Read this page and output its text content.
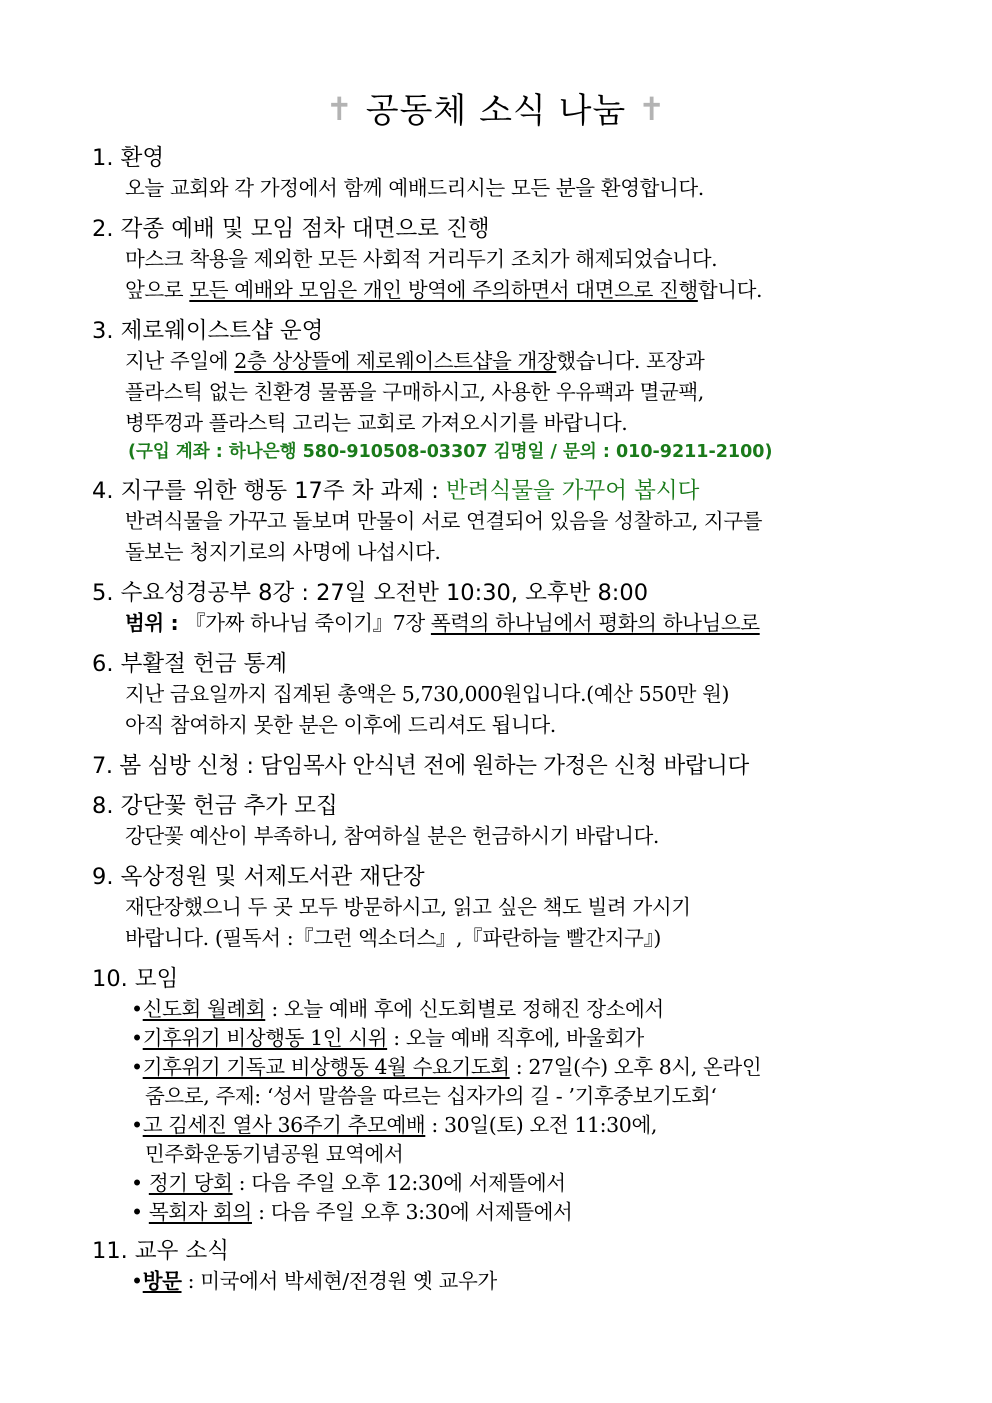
✝ 공동체 소식 나눔 ✝
1. 환영
오늘 교회와 각 가정에서 함께 예배드리시는 모든 분을 환영합니다.
2. 각종 예배 및 모임 점차 대면으로 진행
마스크 착용을 제외한 모든 사회적 거리두기 조치가 해제되었습니다.
앞으로 모든 예배와 모임은 개인 방역에 주의하면서 대면으로 진행합니다.
3. 제로웨이스트샵 운영
지난 주일에 2층 상상뜰에 제로웨이스트샵을 개장했습니다. 포장과
플라스틱 없는 친환경 물품을 구매하시고, 사용한 우유팩과 멸균팩,
병뚜껑과 플라스틱 고리는 교회로 가져오시기를 바랍니다.
(구입 계좌 : 하나은행 580-910508-03307 김명일 / 문의 : 010-9211-2100)
4. 지구를 위한 행동 17주 차 과제 : 반려식물을 가꾸어 봅시다
반려식물을 가꾸고 돌보며 만물이 서로 연결되어 있음을 성찰하고, 지구를
돌보는 청지기로의 사명에 나섭시다.
5. 수요성경공부 8강 : 27일 오전반 10:30, 오후반 8:00
범위 : 『가짜 하나님 죽이기』7장 폭력의 하나님에서 평화의 하나님으로
6. 부활절 헌금 통계
지난 금요일까지 집계된 총액은 5,730,000원입니다.(예산 550만 원)
아직 참여하지 못한 분은 이후에 드리셔도 됩니다.
7. 봄 심방 신청 : 담임목사 안식년 전에 원하는 가정은 신청 바랍니다
8. 강단꽃 헌금 추가 모집
강단꽃 예산이 부족하니, 참여하실 분은 헌금하시기 바랍니다.
9. 옥상정원 및 서제도서관 재단장
재단장했으니 두 곳 모두 방문하시고, 읽고 싶은 책도 빌려 가시기
바랍니다. (필독서 :『그런 엑소더스』,『파란하늘 빨간지구』)
10. 모임
•신도회 월례회 : 오늘 예배 후에 신도회별로 정해진 장소에서
•기후위기 비상행동 1인 시위 : 오늘 예배 직후에, 바울회가
•기후위기 기독교 비상행동 4월 수요기도회 : 27일(수) 오후 8시, 온라인
줌으로, 주제: ‘성서 말씀을 따르는 십자가의 길 - ’기후중보기도회‘
•고 김세진 열사 36주기 추모예배 : 30일(토) 오전 11:30에,
민주화운동기념공원 묘역에서
• 정기 당회 : 다음 주일 오후 12:30에 서제뜰에서
• 목회자 회의 : 다음 주일 오후 3:30에 서제뜰에서
11. 교우 소식
•방문 : 미국에서 박세현/전경원 옛 교우가
